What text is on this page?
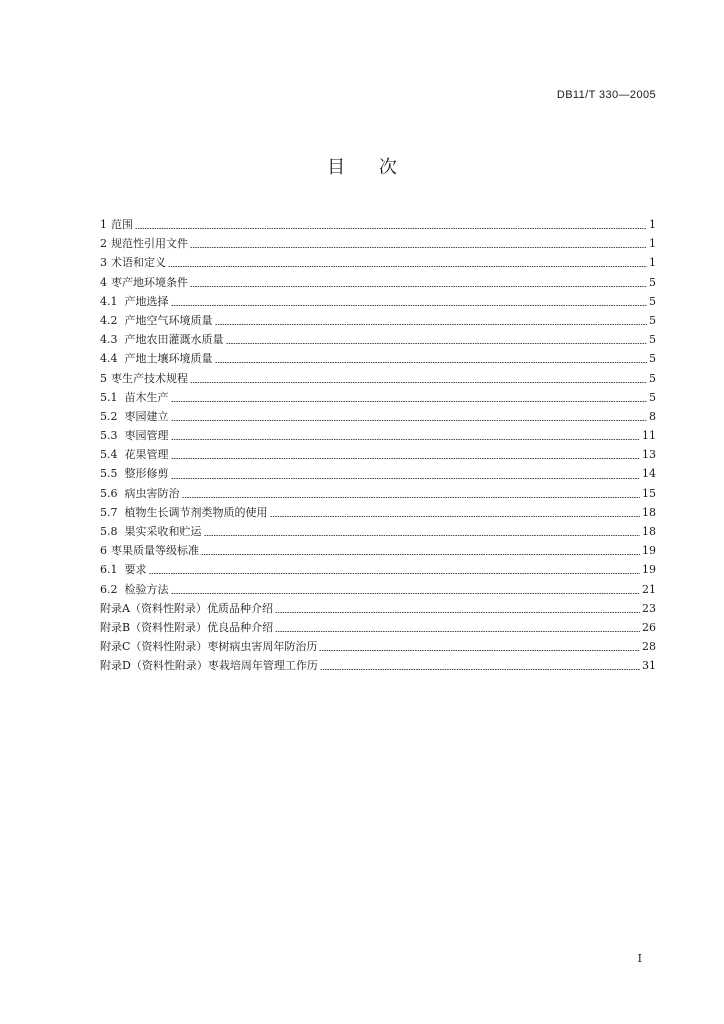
DB11/T 330—2005
目 次
1 范围	1
2 规范性引用文件	1
3 术语和定义	1
4 枣产地环境条件	5
4.1 产地选择	5
4.2 产地空气环境质量	5
4.3 产地农田灌溉水质量	5
4.4 产地土壤环境质量	5
5 枣生产技术规程	5
5.1 苗木生产	5
5.2 枣园建立	8
5.3 枣园管理	11
5.4 花果管理	13
5.5 整形修剪	14
5.6 病虫害防治	15
5.7 植物生长调节剂类物质的使用	18
5.8 果实采收和贮运	18
6 枣果质量等级标准	19
6.1 要求	19
6.2 检验方法	21
附录A（资料性附录）优质品种介绍	23
附录B（资料性附录）优良品种介绍	26
附录C（资料性附录）枣树病虫害周年防治历	28
附录D（资料性附录）枣栽培周年管理工作历	31
I
